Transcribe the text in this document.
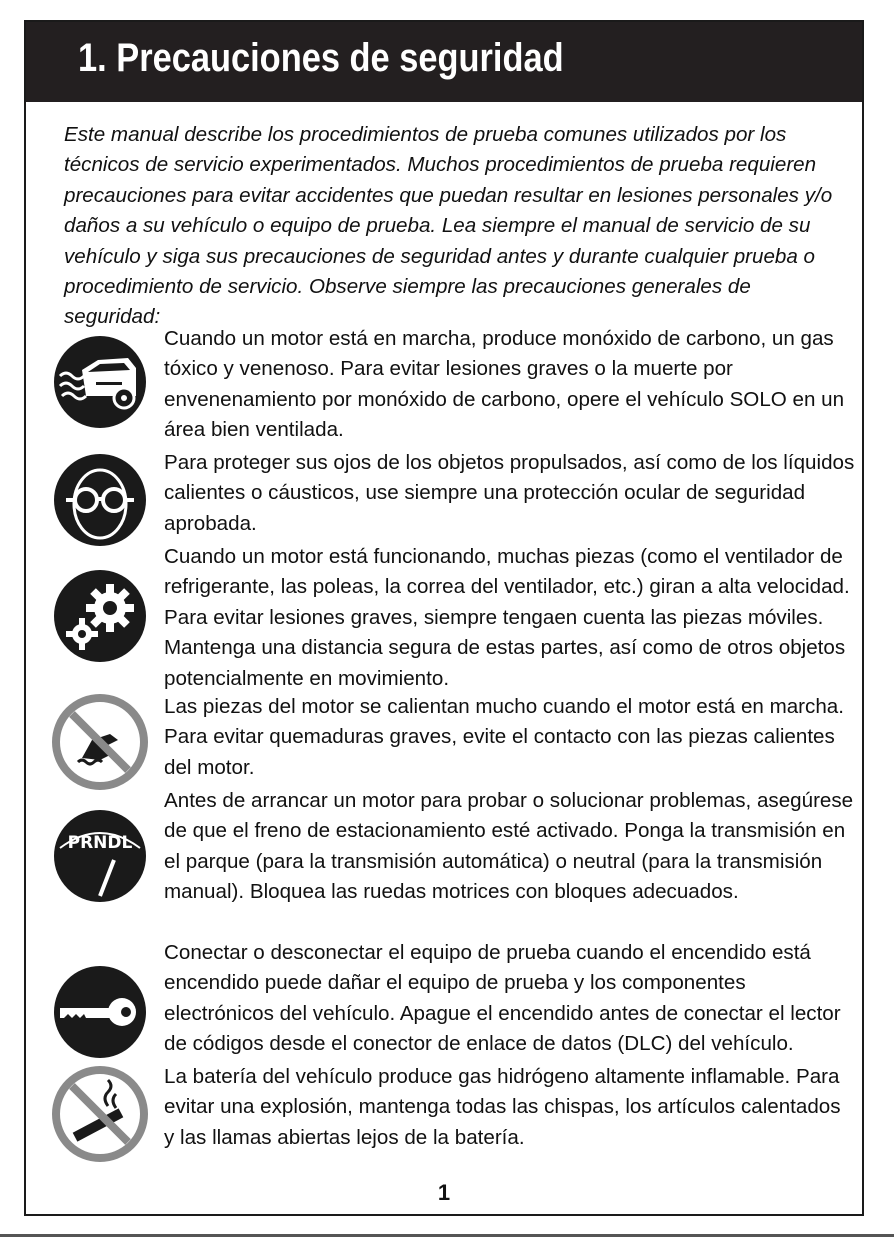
1. Precauciones de seguridad
Este manual describe los procedimientos de prueba comunes utilizados por los técnicos de servicio experimentados. Muchos procedimientos de prueba requieren precauciones para evitar accidentes que puedan resultar en lesiones personales y/o daños a su vehículo o equipo de prueba. Lea siempre el manual de servicio de su vehículo y siga sus precauciones de seguridad antes y durante cualquier prueba o procedimiento de servicio. Observe siempre las precauciones generales de seguridad:
Cuando un motor está en marcha, produce monóxido de carbono, un gas tóxico y venenoso. Para evitar lesiones graves o la muerte por envenenamiento por monóxido de carbono, opere el vehículo SOLO en un área bien ventilada.
Para proteger sus ojos de los objetos propulsados, así como de los líquidos calientes o cáusticos, use siempre una protección ocular de seguridad aprobada.
Cuando un motor está funcionando, muchas piezas (como el ventilador de refrigerante, las poleas, la correa del ventilador, etc.) giran a alta velocidad. Para evitar lesiones graves, siempre tengaen cuenta las piezas móviles. Mantenga una distancia segura de estas partes, así como de otros objetos potencialmente en movimiento.
Las piezas del motor se calientan mucho cuando el motor está en marcha. Para evitar quemaduras graves, evite el contacto con las piezas calientes del motor.
PRNDL
Antes de arrancar un motor para probar o solucionar problemas, asegúrese de que el freno de estacionamiento esté activado. Ponga la transmisión en el parque (para la transmisión automática) o neutral (para la transmisión manual). Bloquea las ruedas motrices con bloques adecuados.
Conectar o desconectar el equipo de prueba cuando el encendido está encendido puede dañar el equipo de prueba y los componentes electrónicos del vehículo. Apague el encendido antes de conectar el lector de códigos desde el conector de enlace de datos (DLC) del vehículo.
La batería del vehículo produce gas hidrógeno altamente inflamable. Para evitar una explosión, mantenga todas las chispas, los artículos calentados y las llamas abiertas lejos de la batería.
1
